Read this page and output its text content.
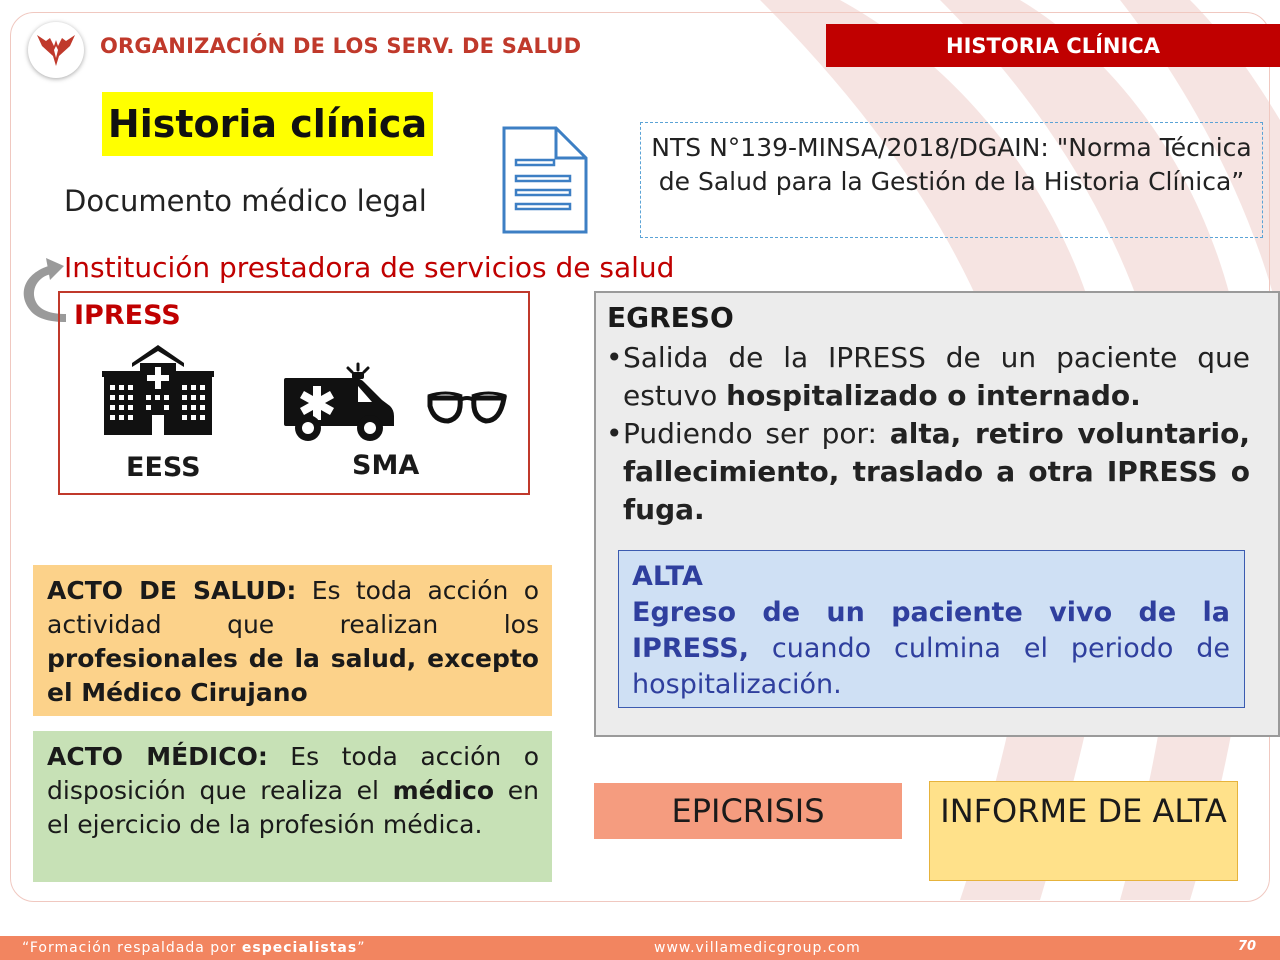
ORGANIZACIÓN DE LOS SERV. DE SALUD	HISTORIA CLÍNICA
Historia clínica
Documento médico legal
NTS N°139-MINSA/2018/DGAIN: "Norma Técnica de Salud para la Gestión de la Historia Clínica”
Institución prestadora de servicios de salud
IPRESS
EESS	SMA
EGRESO
• Salida de la IPRESS de un paciente que estuvo hospitalizado o internado.
• Pudiendo ser por: alta, retiro voluntario, fallecimiento, traslado a otra IPRESS o fuga.
ALTA
Egreso de un paciente vivo de la IPRESS, cuando culmina el periodo de hospitalización.
ACTO DE SALUD: Es toda acción o actividad que realizan los profesionales de la salud, excepto el Médico Cirujano
ACTO MÉDICO: Es toda acción o disposición que realiza el médico en el ejercicio de la profesión médica.	EPICRISIS	INFORME DE ALTA
“Formación respaldada por especialistas”	www.villamedicgroup.com	70
